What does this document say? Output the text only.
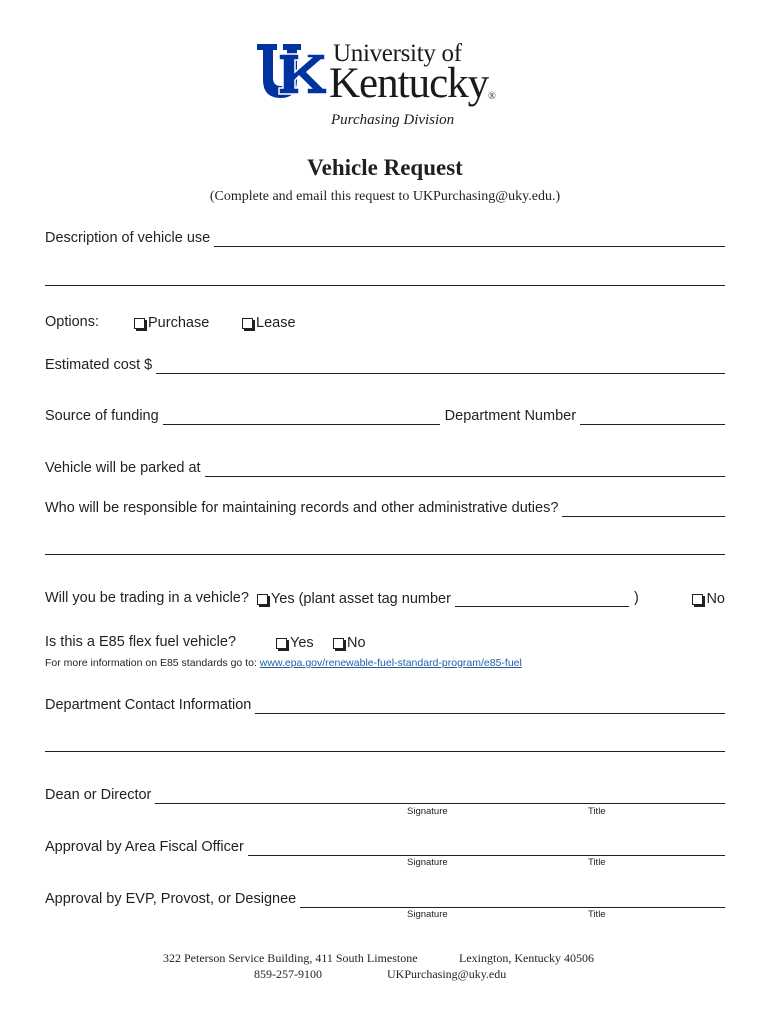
University of
Kentucky®
Purchasing Division
Vehicle Request
(Complete and email this request to UKPurchasing@uky.edu.)
Description of vehicle use
Options:	Purchase	Lease
Estimated cost $
Source of funding	Department Number
Vehicle will be parked at
Who will be responsible for maintaining records and other administrative duties?
Will you be trading in a vehicle? Yes (plant asset tag number	)	No
Is this a E85 flex fuel vehicle?	Yes No
For more information on E85 standards go to: www.epa.gov/renewable-fuel-standard-program/e85-fuel
Department Contact Information
Dean or Director
Signature	Title
Approval by Area Fiscal Officer
Signature	Title
Approval by EVP, Provost, or Designee
Signature	Title
322 Peterson Service Building, 411 South Limestone	Lexington, Kentucky 40506
859-257-9100	UKPurchasing@uky.edu
